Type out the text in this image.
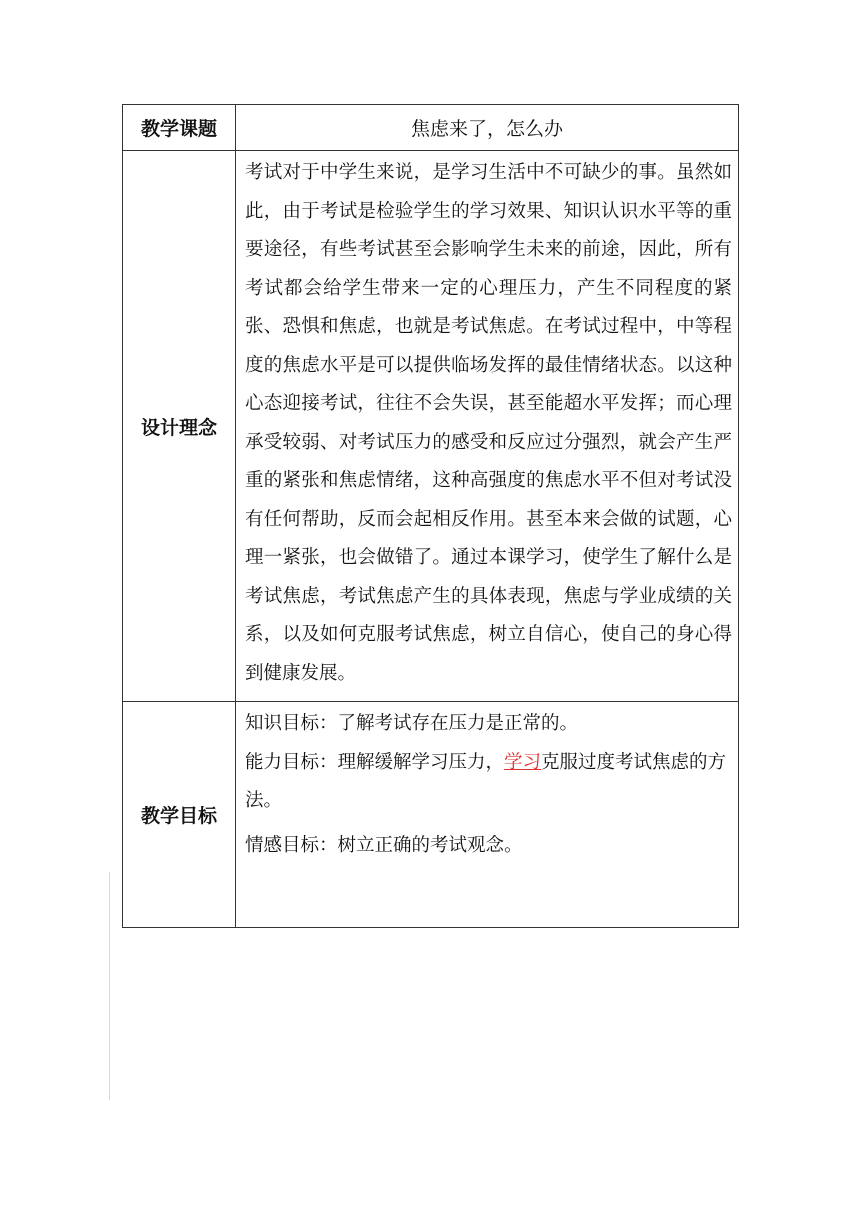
教学课题	焦虑来了，怎么办
设计理念	考试对于中学生来说，是学习生活中不可缺少的事。虽然如此，由于考试是检验学生的学习效果、知识认识水平等的重要途径，有些考试甚至会影响学生未来的前途，因此，所有考试都会给学生带来一定的心理压力，产生不同程度的紧张、恐惧和焦虑，也就是考试焦虑。在考试过程中，中等程度的焦虑水平是可以提供临场发挥的最佳情绪状态。以这种心态迎接考试，往往不会失误，甚至能超水平发挥；而心理承受较弱、对考试压力的感受和反应过分强烈，就会产生严重的紧张和焦虑情绪，这种高强度的焦虑水平不但对考试没有任何帮助，反而会起相反作用。甚至本来会做的试题，心理一紧张，也会做错了。通过本课学习，使学生了解什么是考试焦虑，考试焦虑产生的具体表现，焦虑与学业成绩的关系，以及如何克服考试焦虑，树立自信心，使自己的身心得到健康发展。

教学目标	知识目标：了解考试存在压力是正常的。

能力目标：理解缓解学习压力，学习克服过度考试焦虑的方法。

情感目标：树立正确的考试观念。
